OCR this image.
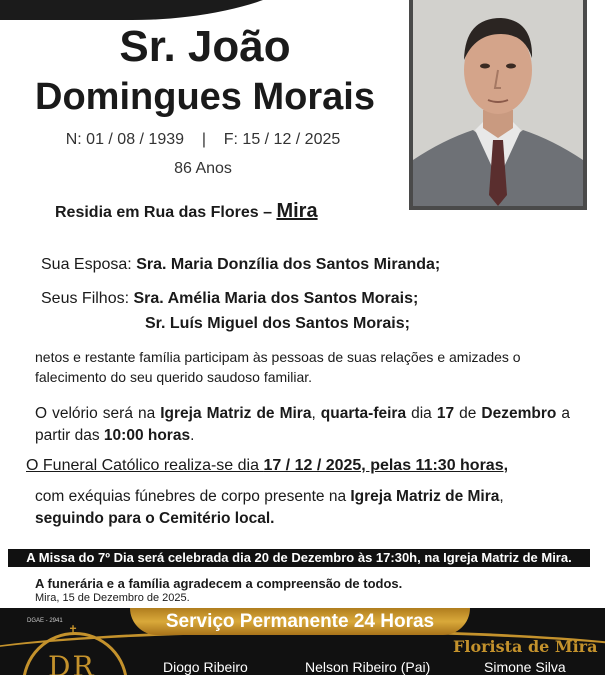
Sr. João
Domingues Morais
N: 01 / 08 / 1939 | F: 15 / 12 / 2025
86 Anos
Residia em Rua das Flores – Mira
Sua Esposa: Sra. Maria Donzília dos Santos Miranda;
Seus Filhos: Sra. Amélia Maria dos Santos Morais;
Sr. Luís Miguel dos Santos Morais;
netos e restante família participam às pessoas de suas relações e amizades o falecimento do seu querido saudoso familiar.
O velório será na Igreja Matriz de Mira, quarta-feira dia 17 de Dezembro a partir das 10:00 horas.
O Funeral Católico realiza-se dia 17 / 12 / 2025, pelas 11:30 horas,
com exéquias fúnebres de corpo presente na Igreja Matriz de Mira,
seguindo para o Cemitério local.
A Missa do 7º Dia será celebrada dia 20 de Dezembro às 17:30h, na Igreja Matriz de Mira.
A funerária e a família agradecem a compreensão de todos.
Mira, 15 de Dezembro de 2025.
DGAE - 2941
✝
DR
Serviço Permanente 24 Horas
Florista de Mira
Diogo Ribeiro	Nelson Ribeiro (Pai)	Simone Silva
